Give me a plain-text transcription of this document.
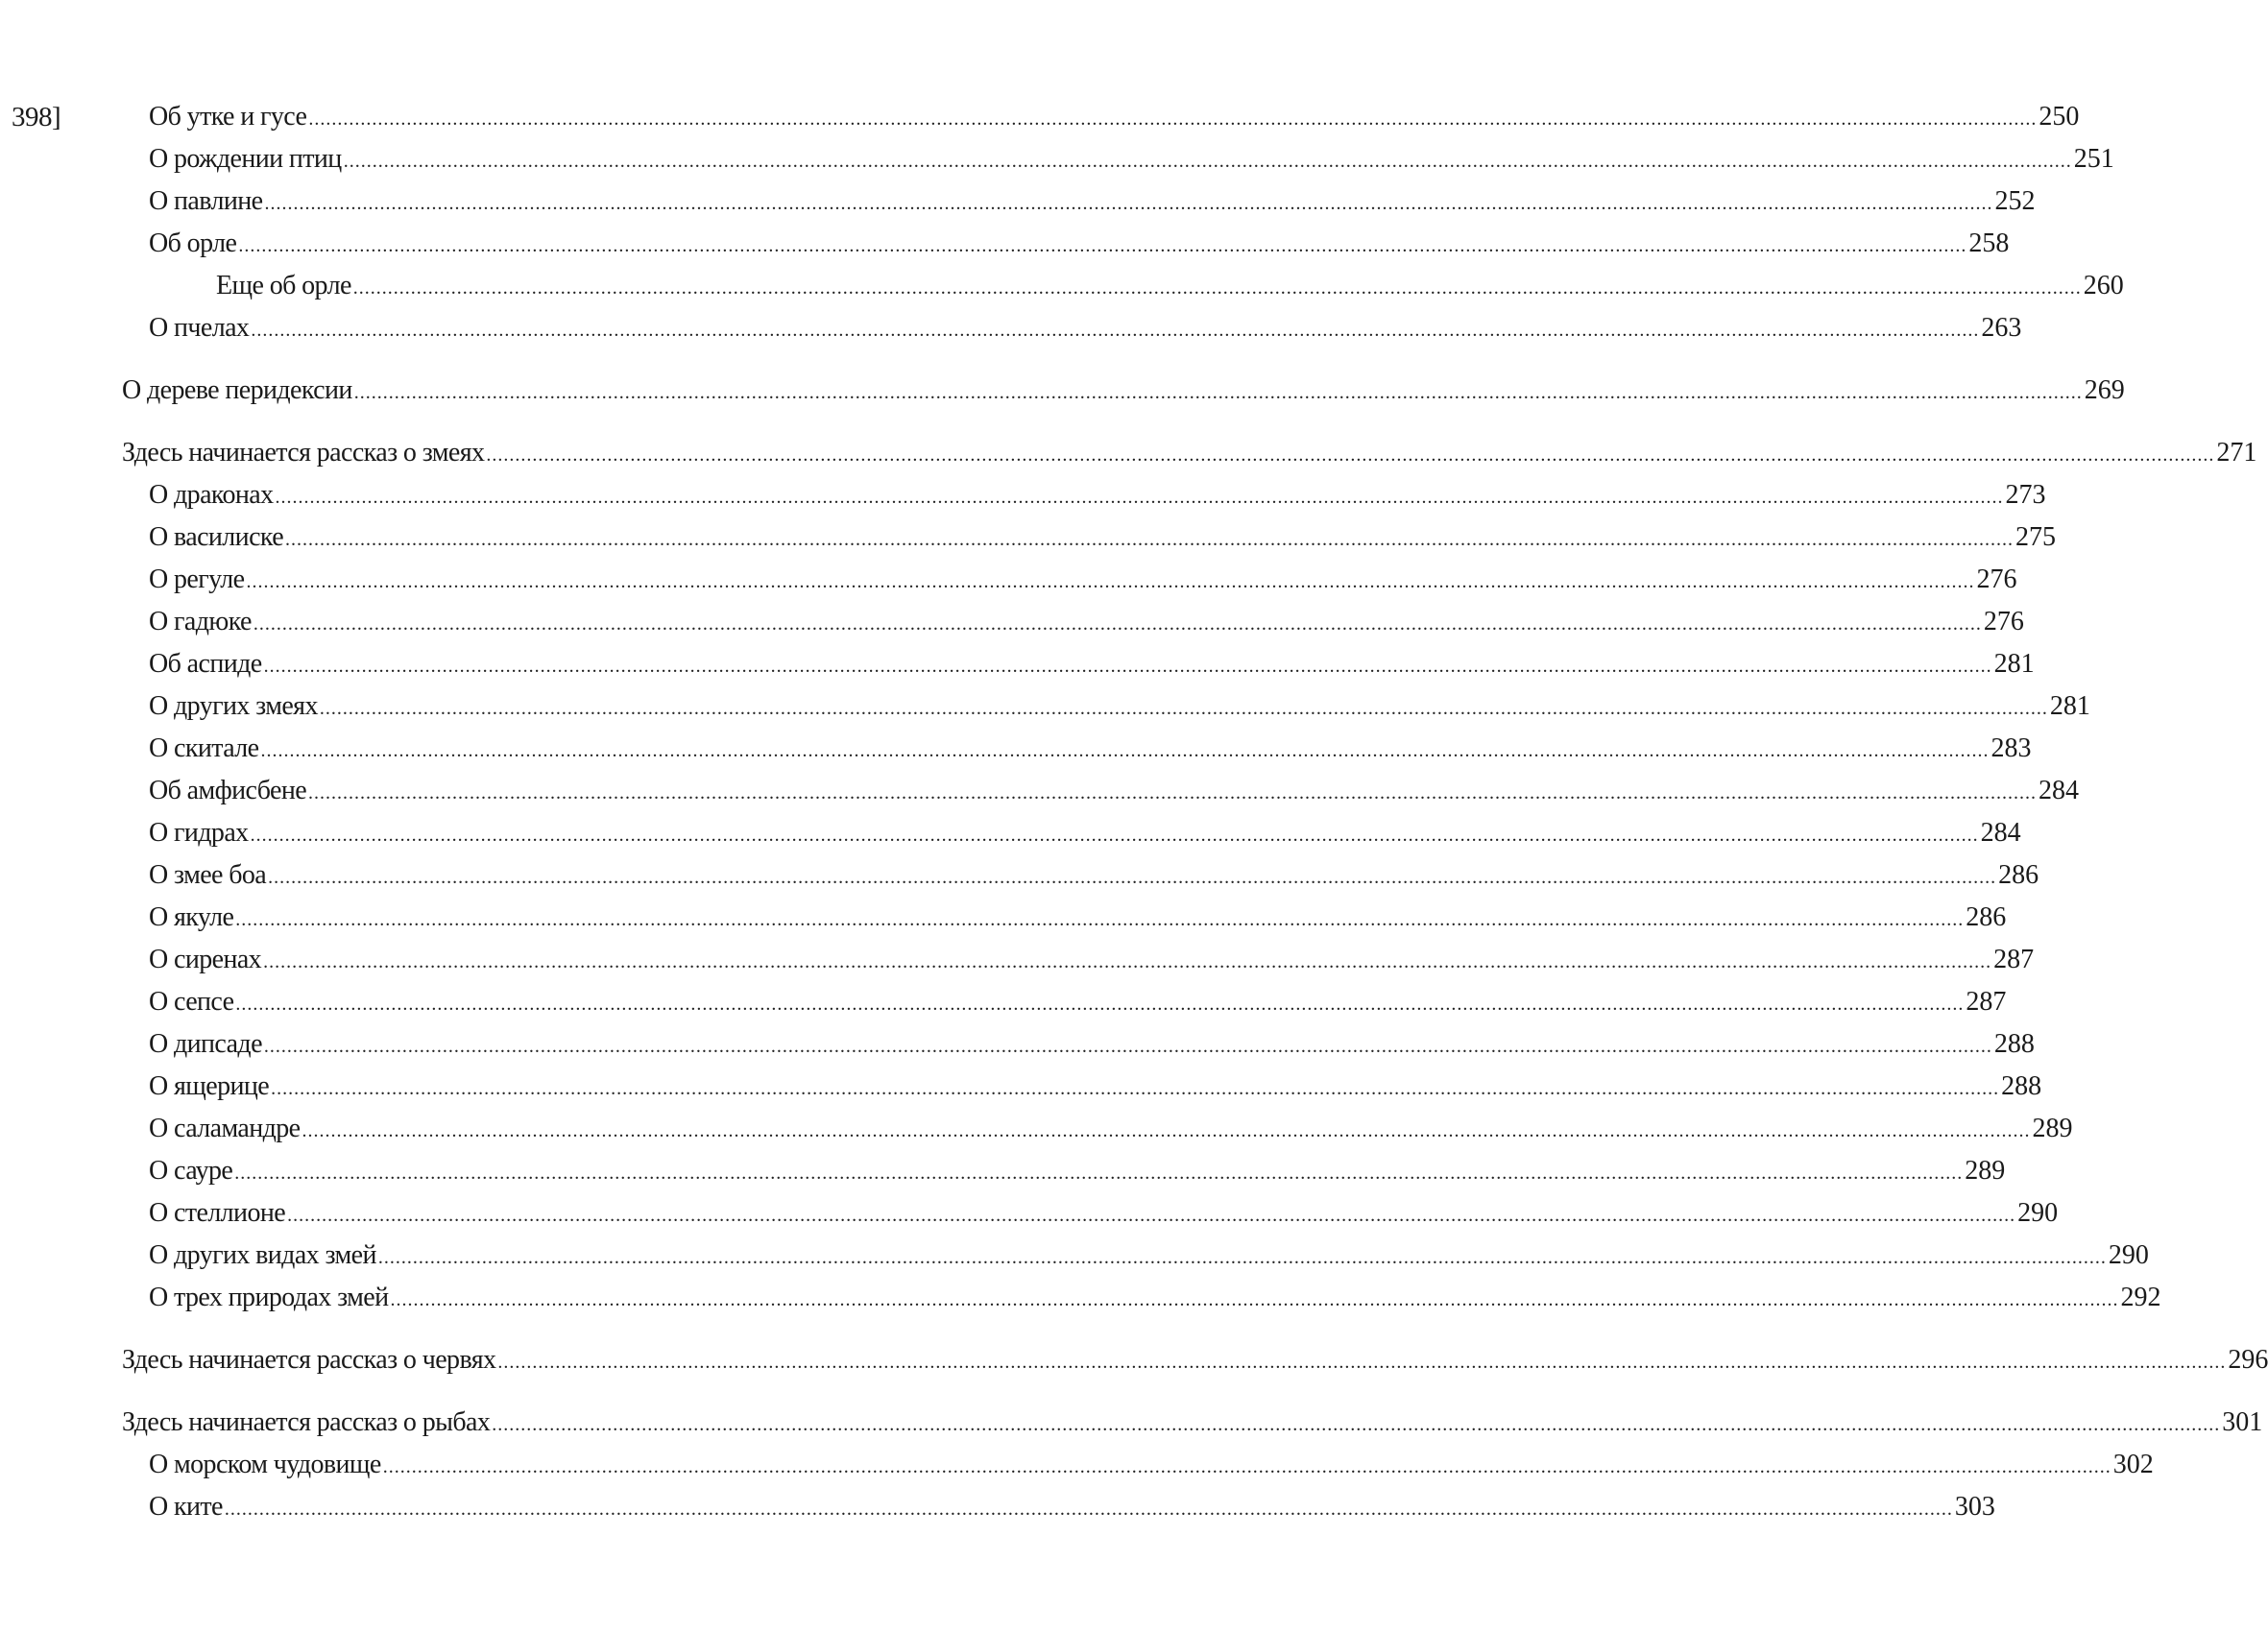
398]	Об утке и гусе ............................................................................................................................................................................................................................................................................................................ 250
О рождении птиц ............................................................................................................................................................................................................................................................................................................ 251
О павлине ............................................................................................................................................................................................................................................................................................................ 252
Об орле ............................................................................................................................................................................................................................................................................................................ 258
Еще об орле ............................................................................................................................................................................................................................................................................................................ 260
О пчелах ............................................................................................................................................................................................................................................................................................................ 263
О дереве перидексии ............................................................................................................................................................................................................................................................................................................ 269
Здесь начинается рассказ о змеях ............................................................................................................................................................................................................................................................................................................ 271
О драконах ............................................................................................................................................................................................................................................................................................................ 273
О василиске ............................................................................................................................................................................................................................................................................................................ 275
О регуле ............................................................................................................................................................................................................................................................................................................ 276
О гадюке ............................................................................................................................................................................................................................................................................................................ 276
Об аспиде ............................................................................................................................................................................................................................................................................................................ 281
О других змеях ............................................................................................................................................................................................................................................................................................................ 281
О скитале ............................................................................................................................................................................................................................................................................................................ 283
Об амфисбене ............................................................................................................................................................................................................................................................................................................ 284
О гидрах ............................................................................................................................................................................................................................................................................................................ 284
О змее боа ............................................................................................................................................................................................................................................................................................................ 286
О якуле ............................................................................................................................................................................................................................................................................................................ 286
О сиренах ............................................................................................................................................................................................................................................................................................................ 287
О сепсе ............................................................................................................................................................................................................................................................................................................ 287
О дипсаде ............................................................................................................................................................................................................................................................................................................ 288
О ящерице ............................................................................................................................................................................................................................................................................................................ 288
О саламандре ............................................................................................................................................................................................................................................................................................................ 289
О сауре ............................................................................................................................................................................................................................................................................................................ 289
О стеллионе ............................................................................................................................................................................................................................................................................................................ 290
О других видах змей ............................................................................................................................................................................................................................................................................................................ 290
О трех природах змей ............................................................................................................................................................................................................................................................................................................ 292
Здесь начинается рассказ о червях ............................................................................................................................................................................................................................................................................................................ 296
Здесь начинается рассказ о рыбах ............................................................................................................................................................................................................................................................................................................ 301
О морском чудовище ............................................................................................................................................................................................................................................................................................................ 302
О ките ............................................................................................................................................................................................................................................................................................................ 303
